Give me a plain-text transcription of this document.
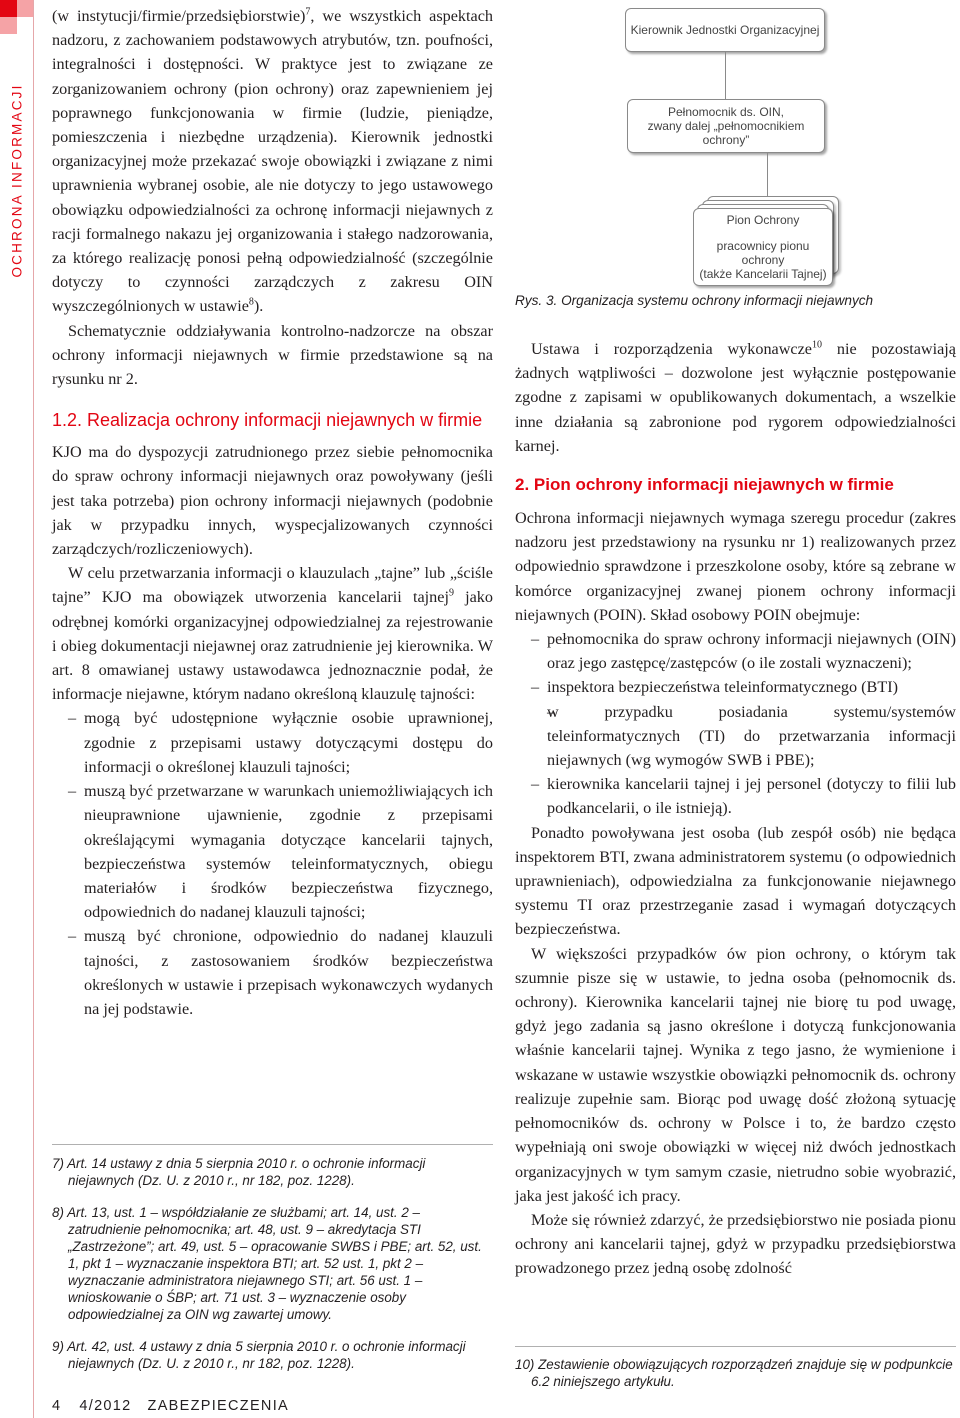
OCHRONA INFORMACJI

(w instytucji/firmie/przedsiębiorstwie)$^7$, we wszystkich aspektach nadzoru, z zachowaniem podstawowych atrybutów, tzn. poufności, integralności i dostępności. W praktyce jest to związane ze zorganizowaniem ochrony (pion ochrony) oraz zapewnieniem jej poprawnego funkcjonowania w firmie (ludzie, pieniądze, pomieszczenia i niezbędne urządzenia). Kierownik jednostki organizacyjnej może przekazać swoje obowiązki i związane z nimi uprawnienia wybranej osobie, ale nie dotyczy to jego ustawowego obowiązku odpowiedzialności za ochronę informacji niejawnych z racji formalnego nakazu jej organizowania i stałego nadzorowania, za którego realizację ponosi pełną odpowiedzialność (szczególnie dotyczy to czynności zarządczych z zakresu OIN wyszczególnionych w ustawie$^8$).

Schematycznie oddziaływania kontrolno-nadzorcze na obszar ochrony informacji niejawnych w firmie przedstawione są na rysunku nr 2.

1.2. Realizacja ochrony informacji niejawnych w firmie

KJO ma do dyspozycji zatrudnionego przez siebie pełnomocnika do spraw ochrony informacji niejawnych oraz powoływany (jeśli jest taka potrzeba) pion ochrony informacji niejawnych (podobnie jak w przypadku innych, wyspecjalizowanych czynności zarządczych/rozliczeniowych).

W celu przetwarzania informacji o klauzulach „tajne” lub „ściśle tajne” KJO ma obowiązek utworzenia kancelarii tajnej$^9$ jako odrębnej komórki organizacyjnej odpowiedzialnej za rejestrowanie i obieg dokumentacji niejawnej oraz zatrudnienie jej kierownika. W art. 8 omawianej ustawy ustawodawca jednoznacznie podał, że informacje niejawne, którym nadano określoną klauzulę tajności:

– mogą być udostępnione wyłącznie osobie uprawnionej, zgodnie z przepisami ustawy dotyczącymi dostępu do informacji o określonej klauzuli tajności;
– muszą być przetwarzane w warunkach uniemożliwiających ich nieuprawnione ujawnienie, zgodnie z przepisami określającymi wymagania dotyczące kancelarii tajnych, bezpieczeństwa systemów teleinformatycznych, obiegu materiałów i środków bezpieczeństwa fizycznego, odpowiednich do nadanej klauzuli tajności;
– muszą być chronione, odpowiednio do nadanej klauzuli tajności, z zastosowaniem środków bezpieczeństwa określonych w ustawie i przepisach wykonawczych wydanych na jej podstawie.

7) Art. 14 ustawy z dnia 5 sierpnia 2010 r. o ochronie informacji niejawnych (Dz. U. z 2010 r., nr 182, poz. 1228).

8) Art. 13, ust. 1 – współdziałanie ze służbami; art. 14, ust. 2 – zatrudnienie pełnomocnika; art. 48, ust. 9 – akredytacja STI „Zastrzeżone”; art. 49, ust. 5 – opracowanie SWBS i PBE; art. 52, ust. 1, pkt 1 – wyznaczanie inspektora BTI; art. 52 ust. 1, pkt 2 – wyznaczanie administratora niejawnego STI; art. 56 ust. 1 – wnioskowanie o ŚBP; art. 71 ust. 3 – wyznaczenie osoby odpowiedzialnej za OIN wg zawartej umowy.

9) Art. 42, ust. 4 ustawy z dnia 5 sierpnia 2010 r. o ochronie informacji niejawnych (Dz. U. z 2010 r., nr 182, poz. 1228).

4 4/2012 ZABEZPIECZENIA
Kierownik Jednostki Organizacyjnej
Pełnomocnik ds. OIN,
zwany dalej „pełnomocnikiem ochrony”
Pion Ochrony
pracownicy pionu ochrony
(także Kancelarii Tajnej)
Rys. 3. Organizacja systemu ochrony informacji niejawnych

Ustawa i rozporządzenia wykonawcze$^{10}$ nie pozostawiają żadnych wątpliwości – dozwolone jest wyłącznie postępowanie zgodne z zapisami w opublikowanych dokumentach, a wszelkie inne działania są zabronione pod rygorem odpowiedzialności karnej.

2. Pion ochrony informacji niejawnych w firmie

Ochrona informacji niejawnych wymaga szeregu procedur (zakres nadzoru jest przedstawiony na rysunku nr 1) realizowanych przez odpowiednio sprawdzone i przeszkolone osoby, które są zebrane w komórce organizacyjnej zwanej pionem ochrony informacji niejawnych (POIN). Skład osobowy POIN obejmuje:

– pełnomocnika do spraw ochrony informacji niejawnych (OIN) oraz jego zastępcę/zastępców (o ile zostali wyznaczeni);
– inspektora bezpieczeństwa teleinformatycznego (BTI)
– w przypadku posiadania systemu/systemów teleinformatycznych (TI) do przetwarzania informacji niejawnych (wg wymogów SWB i PBE);
– kierownika kancelarii tajnej i jej personel (dotyczy to filii lub podkancelarii, o ile istnieją).

Ponadto powoływana jest osoba (lub zespół osób) nie będąca inspektorem BTI, zwana administratorem systemu (o odpowiednich uprawnieniach), odpowiedzialna za funkcjonowanie niejawnego systemu TI oraz przestrzeganie zasad i wymagań dotyczących bezpieczeństwa.

W większości przypadków ów pion ochrony, o którym tak szumnie pisze się w ustawie, to jedna osoba (pełnomocnik ds. ochrony). Kierownika kancelarii tajnej nie biorę tu pod uwagę, gdyż jego zadania są jasno określone i dotyczą funkcjonowania właśnie kancelarii tajnej. Wynika z tego jasno, że wymienione i wskazane w ustawie wszystkie obowiązki pełnomocnik ds. ochrony realizuje zupełnie sam. Biorąc pod uwagę dość złożoną sytuację pełnomocników ds. ochrony w Polsce i to, że bardzo często wypełniają oni swoje obowiązki w więcej niż dwóch jednostkach organizacyjnych w tym samym czasie, nietrudno sobie wyobrazić, jaka jest jakość ich pracy.

Może się również zdarzyć, że przedsiębiorstwo nie posiada pionu ochrony ani kancelarii tajnej, gdyż w przypadku przedsiębiorstwa prowadzonego przez jedną osobę zdolność

10) Zestawienie obowiązujących rozporządzeń znajduje się w podpunkcie 6.2 niniejszego artykułu.
